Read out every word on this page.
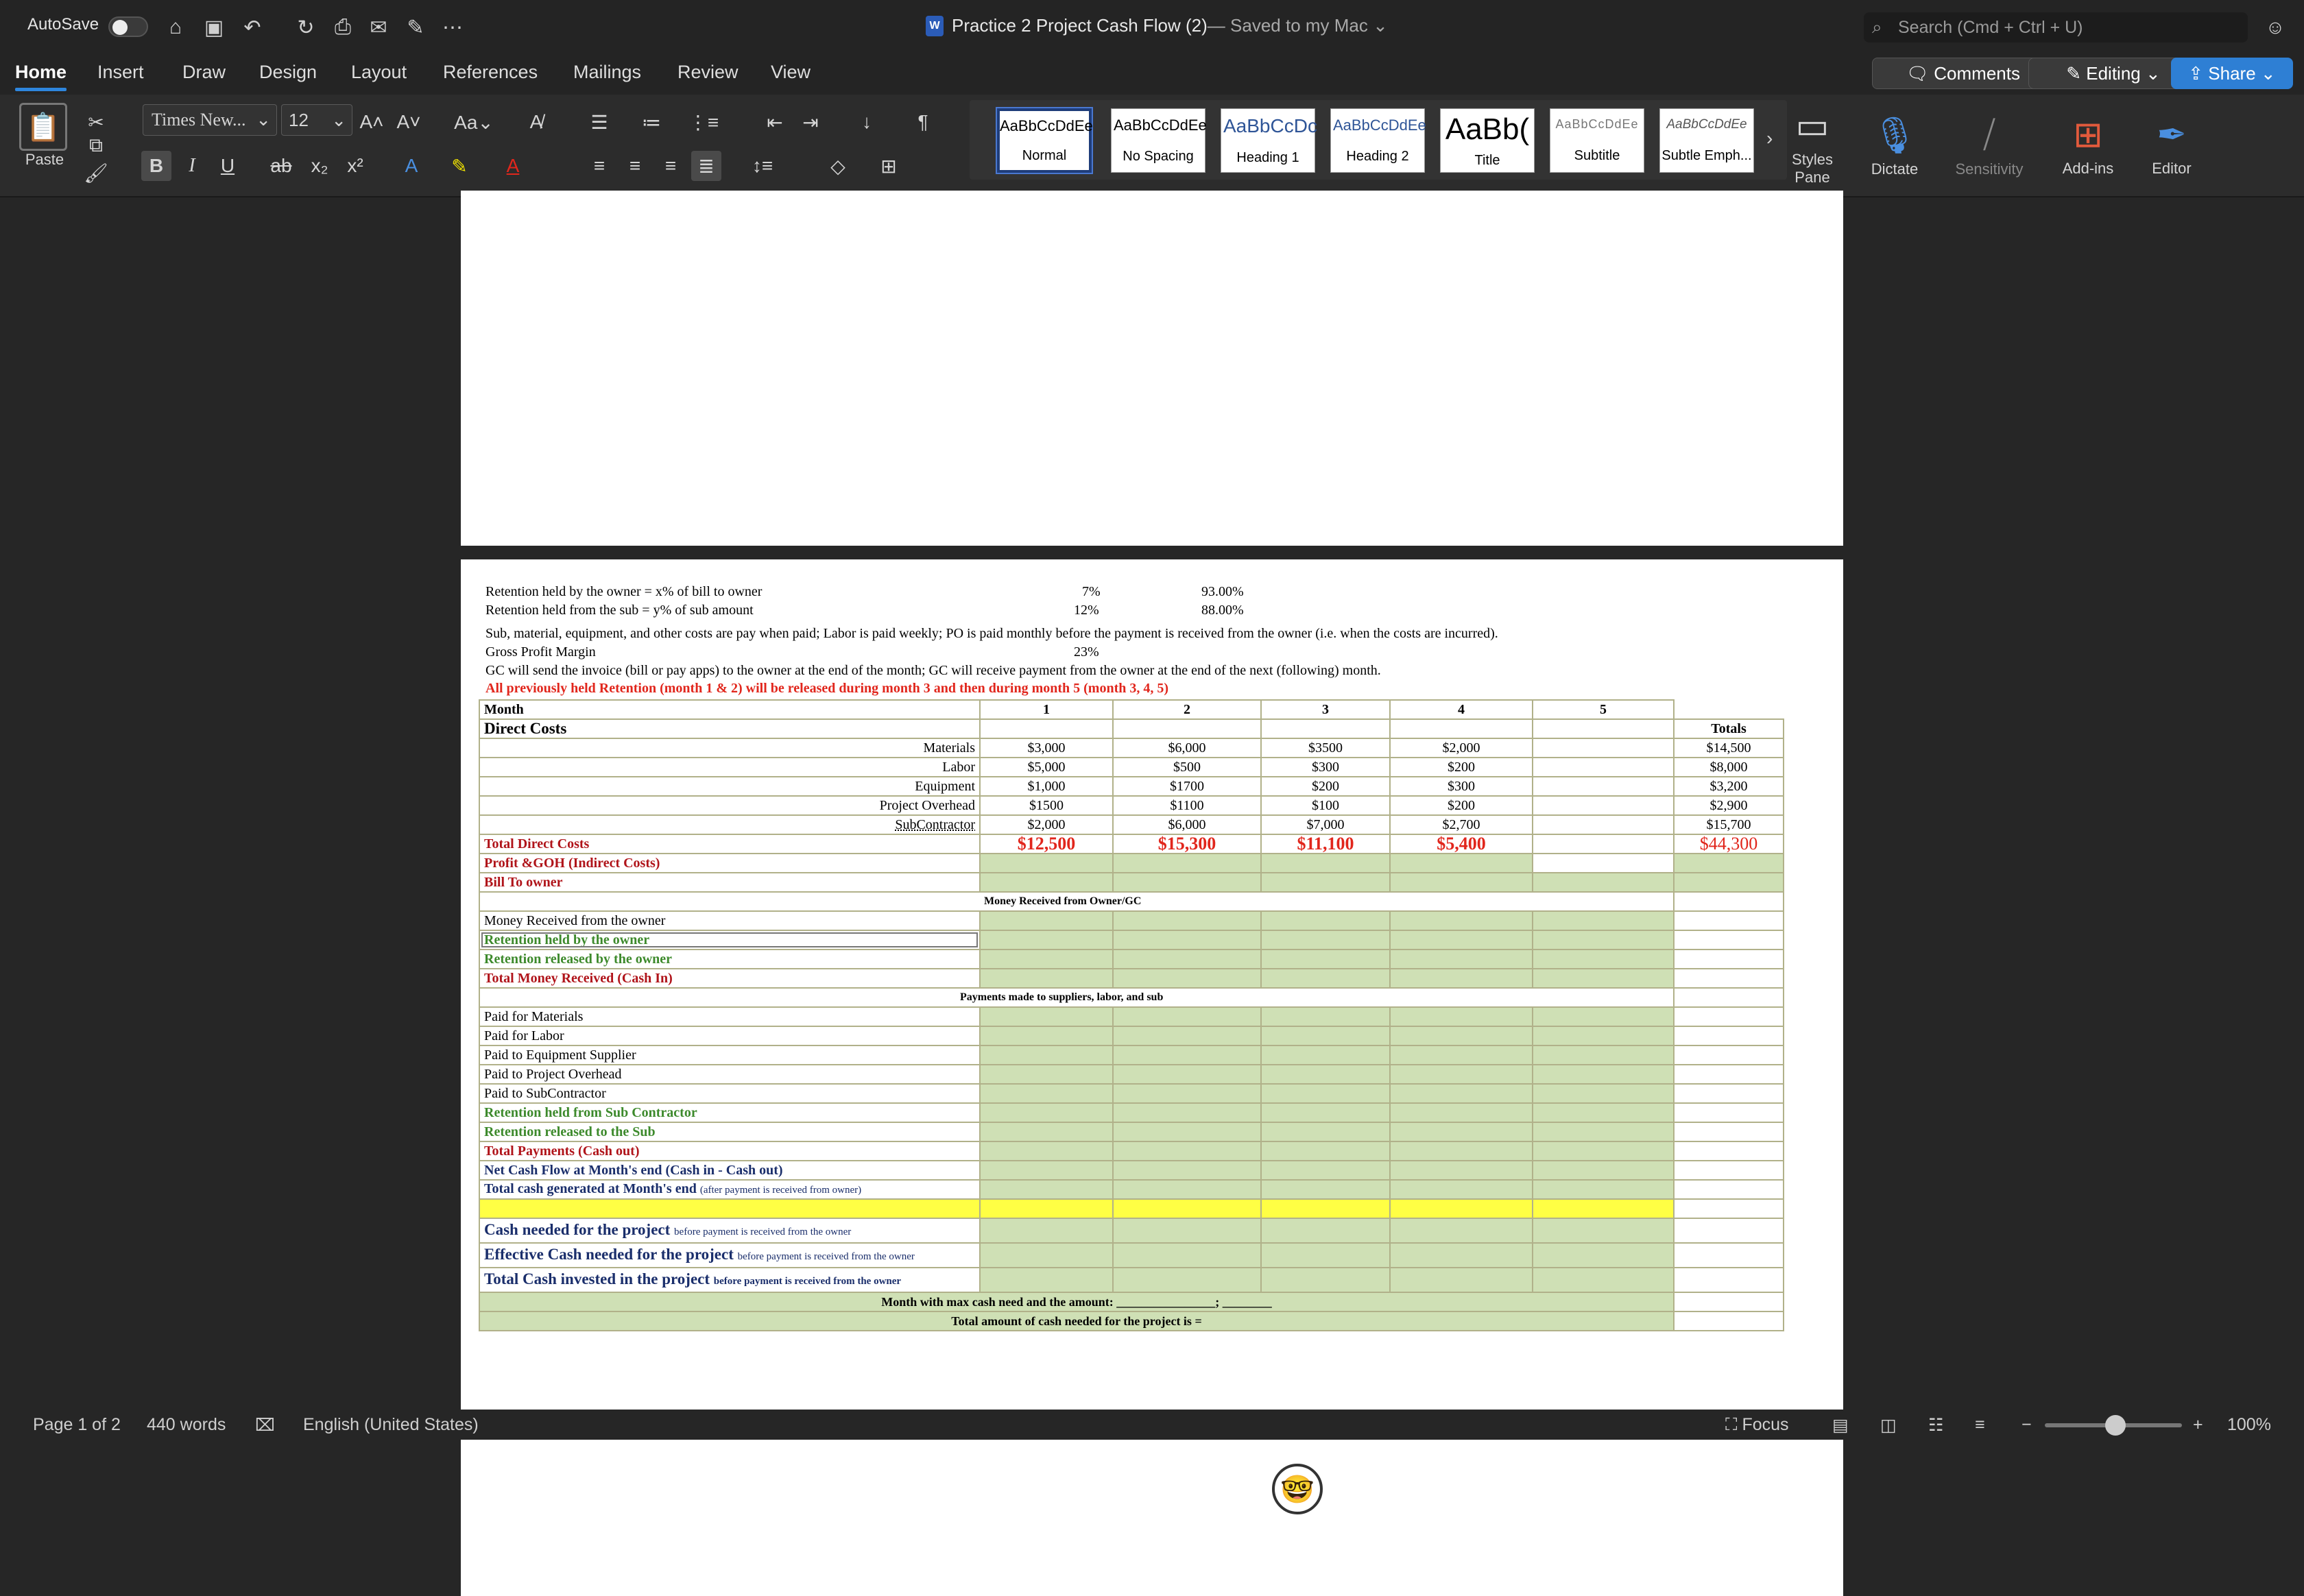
AutoSave	⌂	▣ ↶	↻ ⎙ ✉ ✎ ⋯	W Practice 2 Project Cash Flow (2) — Saved to my Mac ⌄	⌕ Search (Cmd + Ctrl + U)	☺
Home Insert Draw Design Layout References Mailings Review View	🗨 Comments	✎ Editing ⌄ ⇪ Share ⌄
📋
Paste
✂
⧉
🖌
Times New... ⌄ 12 ⌄ A˄ A˅ Aa⌄	A̸
B	I	U	ab x₂ x²	A	✎	A
☰	≔ ⋮≡	⇤	⇥	↓	¶
≡	≡	≡	≣	↕≡	◇	⊞
AaBbCcDdEe
Normal
AaBbCcDdEe
No Spacing
AaBbCcDc
Heading 1
AaBbCcDdEe
Heading 2
AaBb(
Title
AaBbCcDdEe
Subtitle
AaBbCcDdEe
Subtle Emph...
› ▭
Styles Pane
🎙
Dictate
⧸
Sensitivity
⊞
Add-ins
✒
Editor
Retention held by the owner = x% of bill to owner	7%	93.00%
Retention held from the sub = y% of sub amount	12%	88.00%
Sub, material, equipment, and other costs are pay when paid; Labor is paid weekly; PO is paid monthly before the payment is received from the owner (i.e. when the costs are incurred).
Gross Profit Margin	23%
GC will send the invoice (bill or pay apps) to the owner at the end of the month; GC will receive payment from the owner at the end of the next (following) month.
All previously held Retention (month 1 & 2) will be released during month 3 and then during month 5 (month 3, 4, 5)
Month	1	2	3	4	5	
Direct Costs						Totals
Materials	$3,000	$6,000	$3500	$2,000		$14,500
Labor	$5,000	$500	$300	$200		$8,000
Equipment	$1,000	$1700	$200	$300		$3,200
Project Overhead	$1500	$1100	$100	$200		$2,900
SubContractor	$2,000	$6,000	$7,000	$2,700		$15,700
Total Direct Costs	$12,500	$15,300	$11,100	$5,400		$44,300
Profit &GOH (Indirect Costs)						
Bill To owner						
Money Received from Owner/GC						
Money Received from the owner						
Retention held by the owner						
Retention released by the owner						
Total Money Received (Cash In)						
Payments made to suppliers, labor, and sub						
Paid for Materials						
Paid for Labor						
Paid to Equipment Supplier						
Paid to Project Overhead						
Paid to SubContractor						
Retention held from Sub Contractor						
Retention released to the Sub						
Total Payments (Cash out)						
Net Cash Flow at Month's end (Cash in - Cash out)						
Total cash generated at Month's end (after payment is received from owner)						

Cash needed for the project before payment is received from the owner						
Effective Cash needed for the project before payment is received from the owner						
Total Cash invested in the project before payment is received from the owner						
Month with max cash need and the amount: ________________; ________						
Total amount of cash needed for the project is =						
🤓
Page 1 of 2 440 words ⌧ English (United States)	⛶ Focus	▤ ◫ ☷ ≡ −	+ 100%
